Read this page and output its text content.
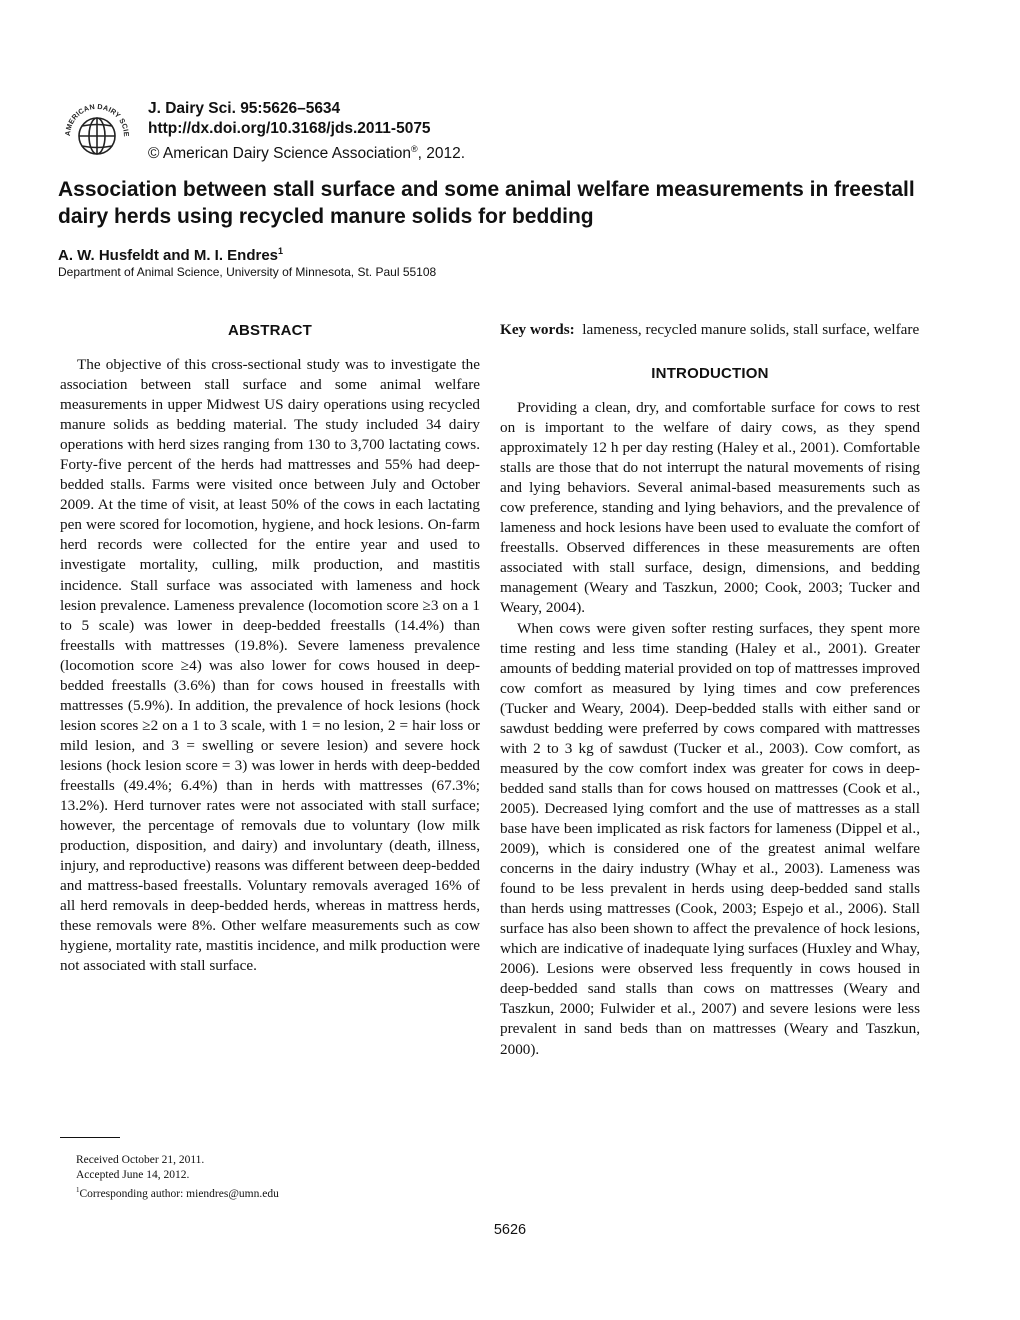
AMERICAN DAIRY SCIE
J. Dairy Sci. 95:5626–5634
http://dx.doi.org/10.3168/jds.2011-5075
© American Dairy Science Association®, 2012.
Association between stall surface and some animal welfare measurements in freestall dairy herds using recycled manure solids for bedding
A. W. Husfeldt and M. I. Endres$^1$
Department of Animal Science, University of Minnesota, St. Paul 55108
ABSTRACT

The objective of this cross-sectional study was to investigate the association between stall surface and some animal welfare measurements in upper Midwest US dairy operations using recycled manure solids as bedding material. The study included 34 dairy operations with herd sizes ranging from 130 to 3,700 lactating cows. Forty-five percent of the herds had mattresses and 55% had deep-bedded stalls. Farms were visited once between July and October 2009. At the time of visit, at least 50% of the cows in each lactating pen were scored for locomotion, hygiene, and hock lesions. On-farm herd records were collected for the entire year and used to investigate mortality, culling, milk production, and mastitis incidence. Stall surface was associated with lameness and hock lesion prevalence. Lameness prevalence (locomotion score ≥3 on a 1 to 5 scale) was lower in deep-bedded freestalls (14.4%) than freestalls with mattresses (19.8%). Severe lameness prevalence (locomotion score ≥4) was also lower for cows housed in deep-bedded freestalls (3.6%) than for cows housed in freestalls with mattresses (5.9%). In addition, the prevalence of hock lesions (hock lesion scores ≥2 on a 1 to 3 scale, with 1 = no lesion, 2 = hair loss or mild lesion, and 3 = swelling or severe lesion) and severe hock lesions (hock lesion score = 3) was lower in herds with deep-bedded freestalls (49.4%; 6.4%) than in herds with mattresses (67.3%; 13.2%). Herd turnover rates were not associated with stall surface; however, the percentage of removals due to voluntary (low milk production, disposition, and dairy) and involuntary (death, illness, injury, and reproductive) reasons was different between deep-bedded and mattress-based freestalls. Voluntary removals averaged 16% of all herd removals in deep-bedded herds, whereas in mattress herds, these removals were 8%. Other welfare measurements such as cow hygiene, mortality rate, mastitis incidence, and milk production were not associated with stall surface.

Key words: lameness, recycled manure solids, stall surface, welfare

INTRODUCTION

Providing a clean, dry, and comfortable surface for cows to rest on is important to the welfare of dairy cows, as they spend approximately 12 h per day resting (Haley et al., 2001). Comfortable stalls are those that do not interrupt the natural movements of rising and lying behaviors. Several animal-based measurements such as cow preference, standing and lying behaviors, and the prevalence of lameness and hock lesions have been used to evaluate the comfort of freestalls. Observed differences in these measurements are often associated with stall surface, design, dimensions, and bedding management (Weary and Taszkun, 2000; Cook, 2003; Tucker and Weary, 2004).

When cows were given softer resting surfaces, they spent more time resting and less time standing (Haley et al., 2001). Greater amounts of bedding material provided on top of mattresses improved cow comfort as measured by lying times and cow preferences (Tucker and Weary, 2004). Deep-bedded stalls with either sand or sawdust bedding were preferred by cows compared with mattresses with 2 to 3 kg of sawdust (Tucker et al., 2003). Cow comfort, as measured by the cow comfort index was greater for cows in deep-bedded sand stalls than for cows housed on mattresses (Cook et al., 2005). Decreased lying comfort and the use of mattresses as a stall base have been implicated as risk factors for lameness (Dippel et al., 2009), which is considered one of the greatest animal welfare concerns in the dairy industry (Whay et al., 2003). Lameness was found to be less prevalent in herds using deep-bedded sand stalls than herds using mattresses (Cook, 2003; Espejo et al., 2006). Stall surface has also been shown to affect the prevalence of hock lesions, which are indicative of inadequate lying surfaces (Huxley and Whay, 2006). Lesions were observed less frequently in cows housed in deep-bedded sand stalls than cows on mattresses (Weary and Taszkun, 2000; Fulwider et al., 2007) and severe lesions were less prevalent in sand beds than on mattresses (Weary and Taszkun, 2000).

Received October 21, 2011.
Accepted June 14, 2012.
$^1$Corresponding author: miendres@umn.edu
5626
